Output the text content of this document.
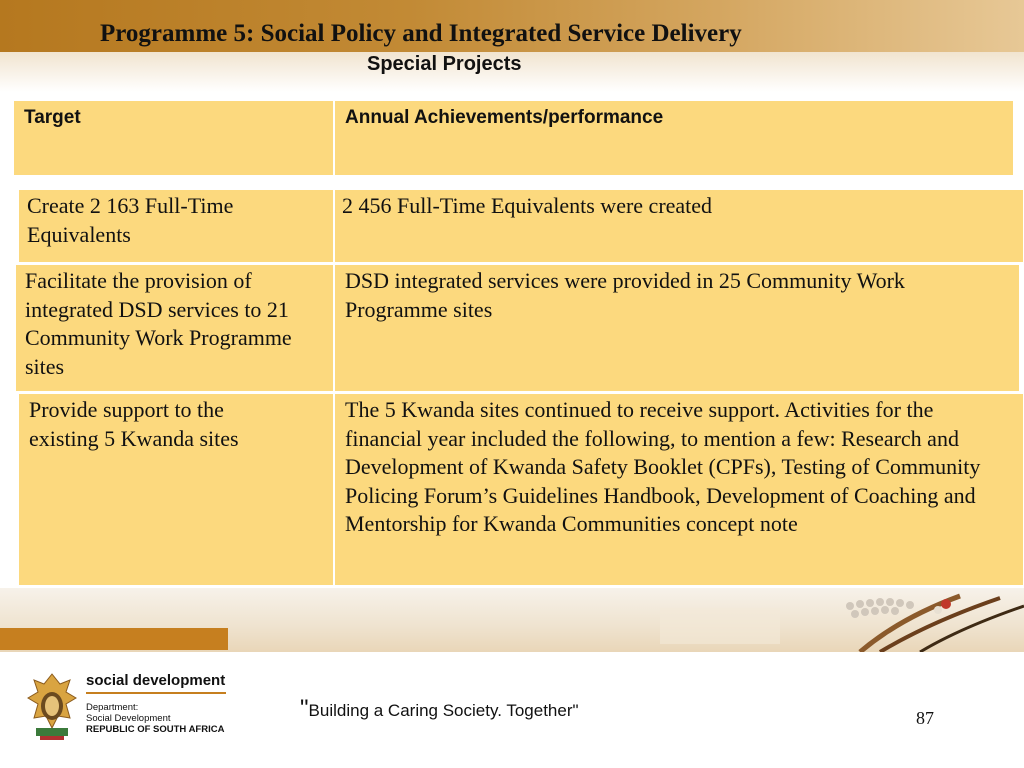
Programme 5: Social Policy and Integrated Service Delivery
Special Projects
Target	Annual Achievements/performance
Create 2 163 Full-Time Equivalents
2 456 Full-Time Equivalents were created
Facilitate the provision of integrated DSD services to 21 Community Work Programme sites
DSD integrated services were provided in 25 Community Work Programme sites
Provide support to the existing 5 Kwanda sites
The 5 Kwanda sites continued to receive support. Activities for the financial year included the following, to mention a few: Research and Development of Kwanda Safety Booklet (CPFs), Testing of Community Policing Forum’s Guidelines Handbook, Development of Coaching and Mentorship for Kwanda Communities concept note
social development
Department:
Social Development
REPUBLIC OF SOUTH AFRICA
"Building a Caring Society. Together"	87
